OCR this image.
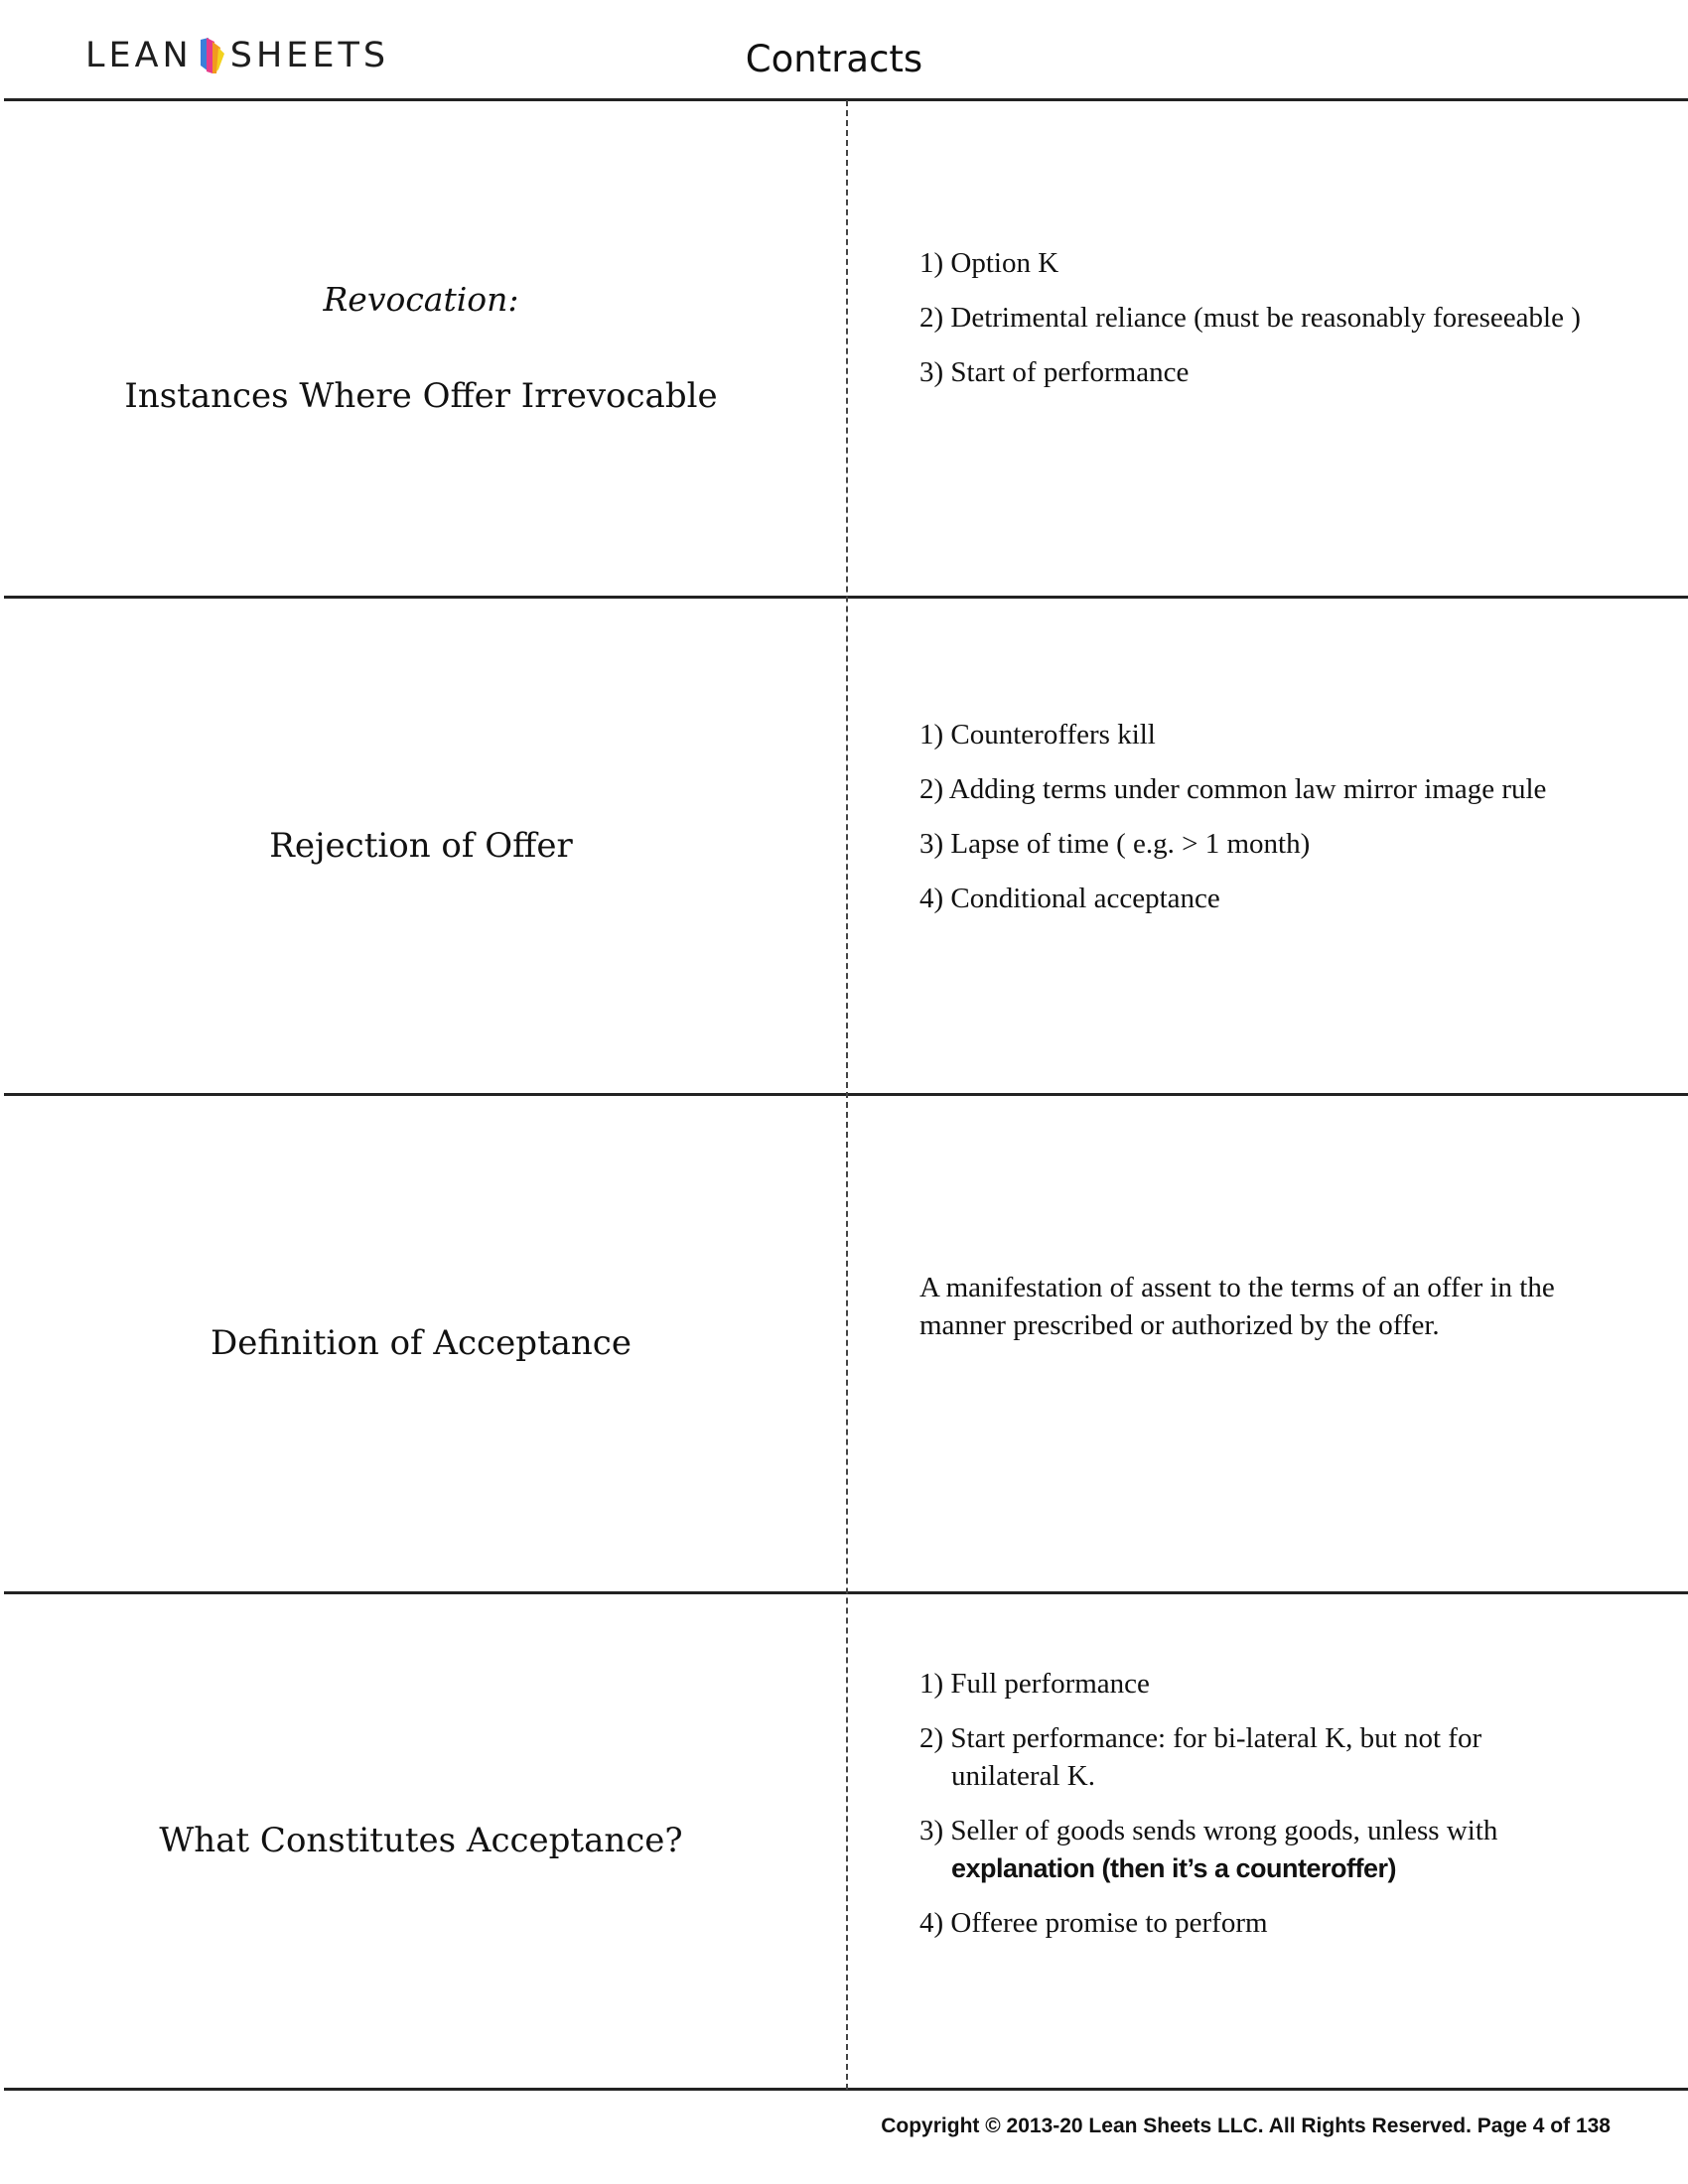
LEAN SHEETS	Contracts
Revocation:
Instances Where Offer Irrevocable
1) Option K
2) Detrimental reliance (must be reasonably foreseeable )
3) Start of performance
Rejection of Offer
1) Counteroffers kill
2) Adding terms under common law mirror image rule
3) Lapse of time ( e.g. > 1 month)
4) Conditional acceptance
Definition of Acceptance
A manifestation of assent to the terms of an offer in the manner prescribed or authorized by the offer.
What Constitutes Acceptance?
1) Full performance
2) Start performance: for bi-lateral K, but not for unilateral K.
3) Seller of goods sends wrong goods, unless with
explanation (then it’s a counteroffer)
4) Offeree promise to perform
Copyright © 2013-20 Lean Sheets LLC. All Rights Reserved. Page 4 of 138
